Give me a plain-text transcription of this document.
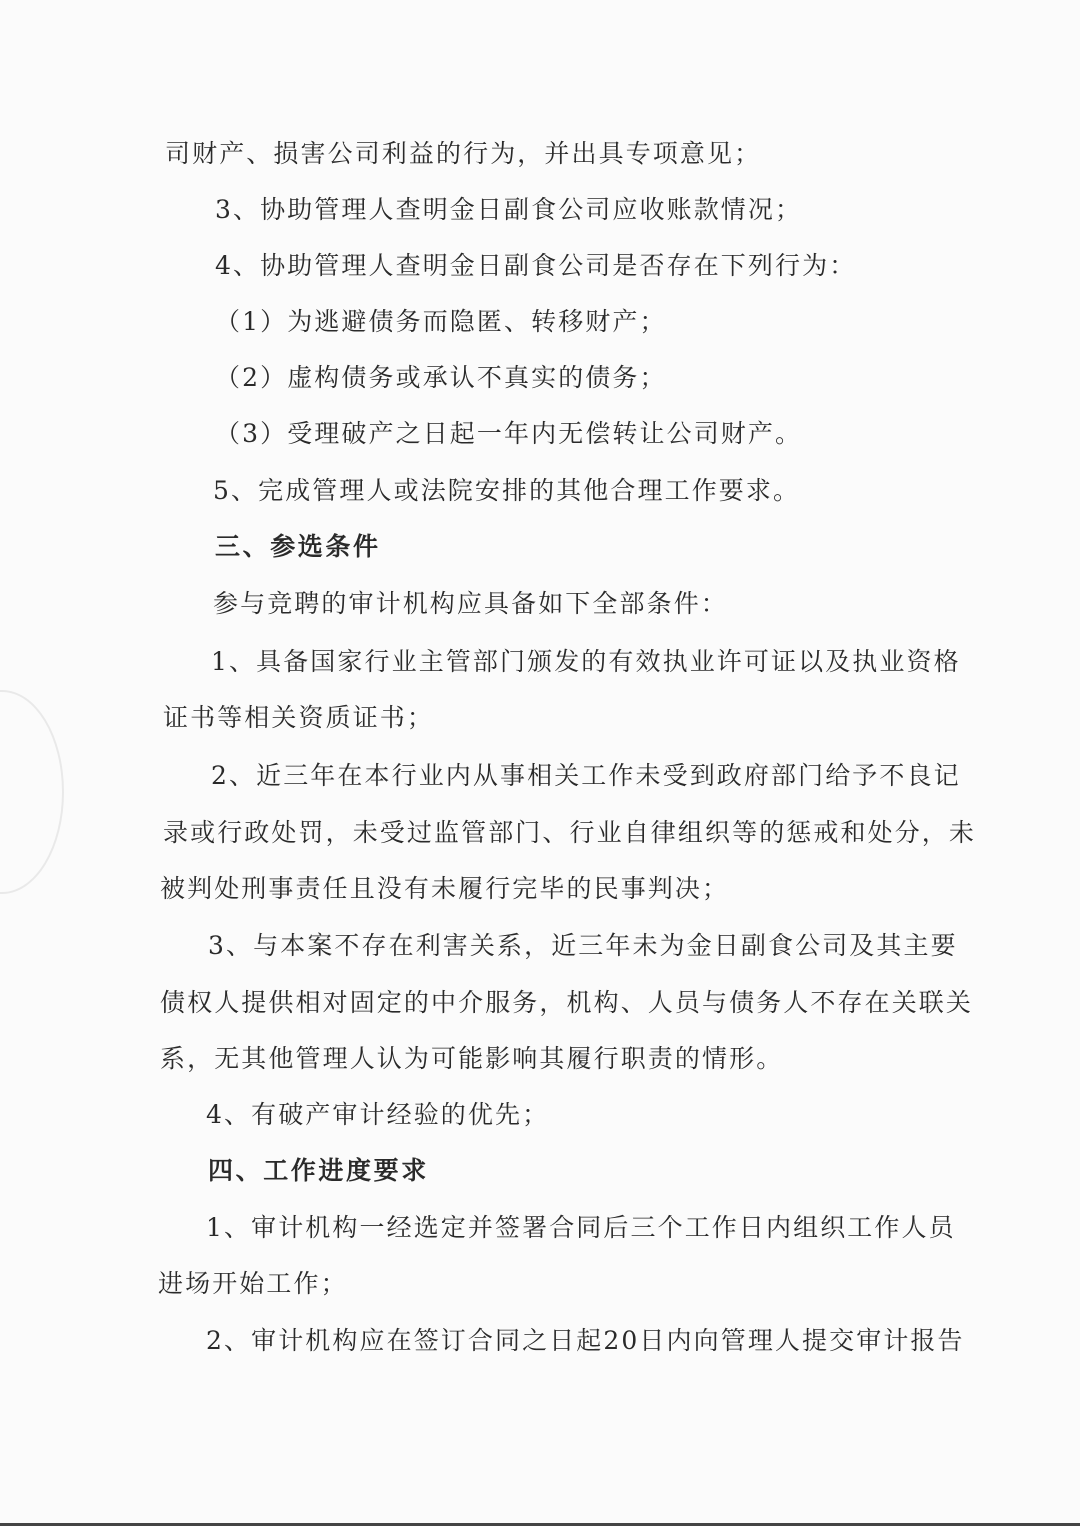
司财产、损害公司利益的行为，并出具专项意见；
3、协助管理人查明金日副食公司应收账款情况；
4、协助管理人查明金日副食公司是否存在下列行为：
（1）为逃避债务而隐匿、转移财产；
（2）虚构债务或承认不真实的债务；
（3）受理破产之日起一年内无偿转让公司财产。
5、完成管理人或法院安排的其他合理工作要求。
三、参选条件
参与竞聘的审计机构应具备如下全部条件：
1、具备国家行业主管部门颁发的有效执业许可证以及执业资格
证书等相关资质证书；
2、近三年在本行业内从事相关工作未受到政府部门给予不良记
录或行政处罚，未受过监管部门、行业自律组织等的惩戒和处分，未
被判处刑事责任且没有未履行完毕的民事判决；
3、与本案不存在利害关系，近三年未为金日副食公司及其主要
债权人提供相对固定的中介服务，机构、人员与债务人不存在关联关
系，无其他管理人认为可能影响其履行职责的情形。
4、有破产审计经验的优先；
四、工作进度要求
1、审计机构一经选定并签署合同后三个工作日内组织工作人员
进场开始工作；
2、审计机构应在签订合同之日起20日内向管理人提交审计报告
